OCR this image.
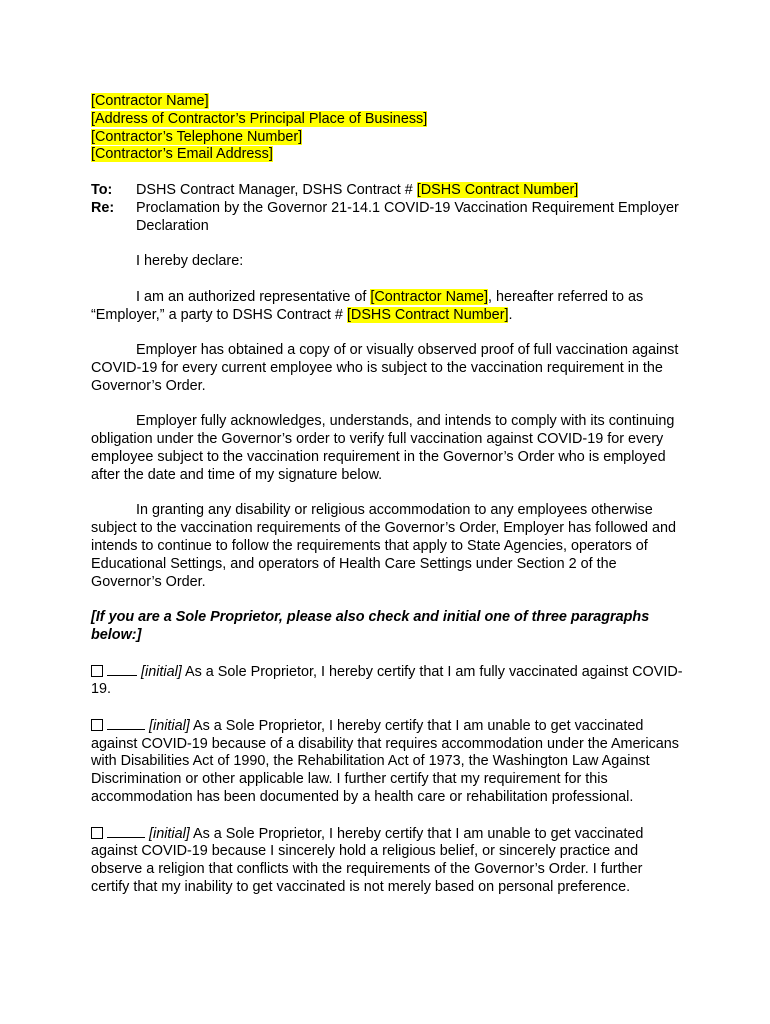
[Contractor Name]
[Address of Contractor’s Principal Place of Business]
[Contractor’s Telephone Number]
[Contractor’s Email Address]
To:	DSHS Contract Manager, DSHS Contract # [DSHS Contract Number]
Re:	Proclamation by the Governor 21-14.1 COVID-19 Vaccination Requirement Employer Declaration
I hereby declare:
I am an authorized representative of [Contractor Name], hereafter referred to as “Employer,” a party to DSHS Contract # [DSHS Contract Number].
Employer has obtained a copy of or visually observed proof of full vaccination against COVID-19 for every current employee who is subject to the vaccination requirement in the Governor’s Order.
Employer fully acknowledges, understands, and intends to comply with its continuing obligation under the Governor’s order to verify full vaccination against COVID-19 for every employee subject to the vaccination requirement in the Governor’s Order who is employed after the date and time of my signature below.
In granting any disability or religious accommodation to any employees otherwise subject to the vaccination requirements of the Governor’s Order, Employer has followed and intends to continue to follow the requirements that apply to State Agencies, operators of Educational Settings, and operators of Health Care Settings under Section 2 of the Governor’s Order.
[If you are a Sole Proprietor, please also check and initial one of three paragraphs below:]
[initial] As a Sole Proprietor, I hereby certify that I am fully vaccinated against COVID-19.
[initial] As a Sole Proprietor, I hereby certify that I am unable to get vaccinated against COVID-19 because of a disability that requires accommodation under the Americans with Disabilities Act of 1990, the Rehabilitation Act of 1973, the Washington Law Against Discrimination or other applicable law. I further certify that my requirement for this accommodation has been documented by a health care or rehabilitation professional.
[initial] As a Sole Proprietor, I hereby certify that I am unable to get vaccinated against COVID-19 because I sincerely hold a religious belief, or sincerely practice and observe a religion that conflicts with the requirements of the Governor’s Order. I further certify that my inability to get vaccinated is not merely based on personal preference.
